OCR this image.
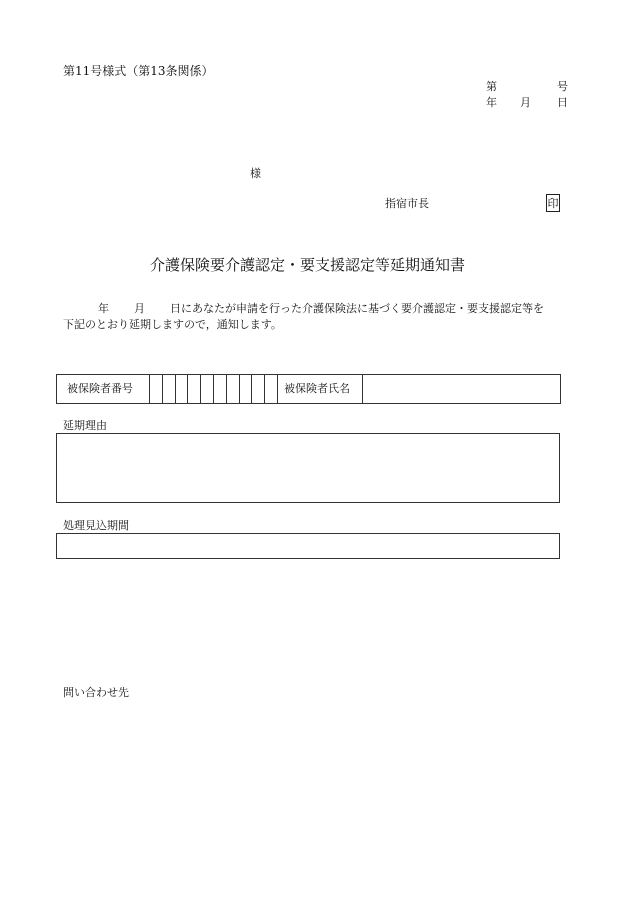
第11号様式（第13条関係）
第	号
年 月 日
様
指宿市長	印
介護保険要介護認定・要支援認定等延期通知書
年 月 日にあなたが申請を行った介護保険法に基づく要介護認定・要支援認定等を
下記のとおり延期しますので，通知します。
被保険者番号	被保険者氏名
延期理由
処理見込期間
問い合わせ先
